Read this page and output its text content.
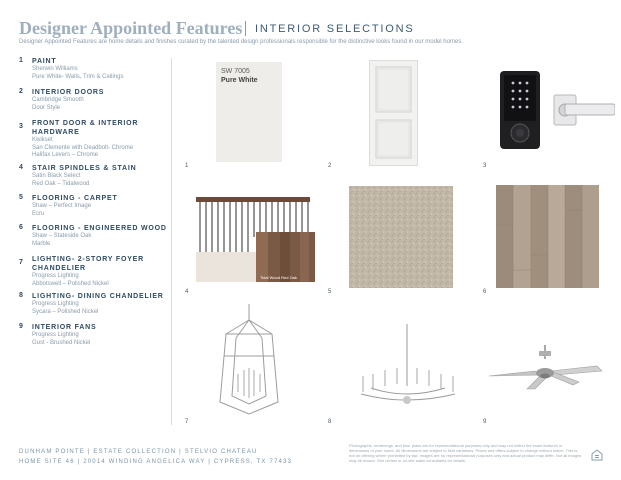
Designer Appointed Features INTERIOR SELECTIONS
Designer Appointed Features are home details and finishes curated by the talented design professionals responsible for the distinctive looks found in our model homes.
1 PAINT
Sherwin Williams
Pure White- Walls, Trim & Ceilings
2 INTERIOR DOORS
Cambridge Smooth
Door Style
3 FRONT DOOR & INTERIOR HARDWARE
Kwikset
San Clemente with Deadbolt- Chrome
Halifax Levers – Chrome
4 STAIR SPINDLES & STAIN
Satin Black Select
Red Oak – Tidalwood
5 FLOORING - CARPET
Shaw – Perfect Image
Ecru
6 FLOORING - ENGINEERED WOOD
Shaw – Stateside Oak
Marble
7 LIGHTING- 2-STORY FOYER CHANDELIER
Progress Lighting
Abbotswell – Polished Nickel
8 LIGHTING- DINING CHANDELIER
Progress Lighting
Sycara – Polished Nickel
9 INTERIOR FANS
Progress Lighting
Gust - Brushed Nickel
SW 7005
Pure White
1	2	3
Tidal Wood Red Oak
4	5	6
7	8	9
DUNHAM POINTE | ESTATE COLLECTION | STELVIO CHATEAU
HOME SITE 46 | 20014 WINDING ANGELICA WAY | CYPRESS, TX 77433
Photographs, renderings, and floor plans are for representational purposes only and may not reflect the exact features or dimensions of your home. All dimensions are subject to field variations. Prices and offers subject to change without notice. This is not an offering where prohibited by law. Images are for representational purposes only and actual product may differ. Not all images may be shown. See review or on-site sales consultants for details.
